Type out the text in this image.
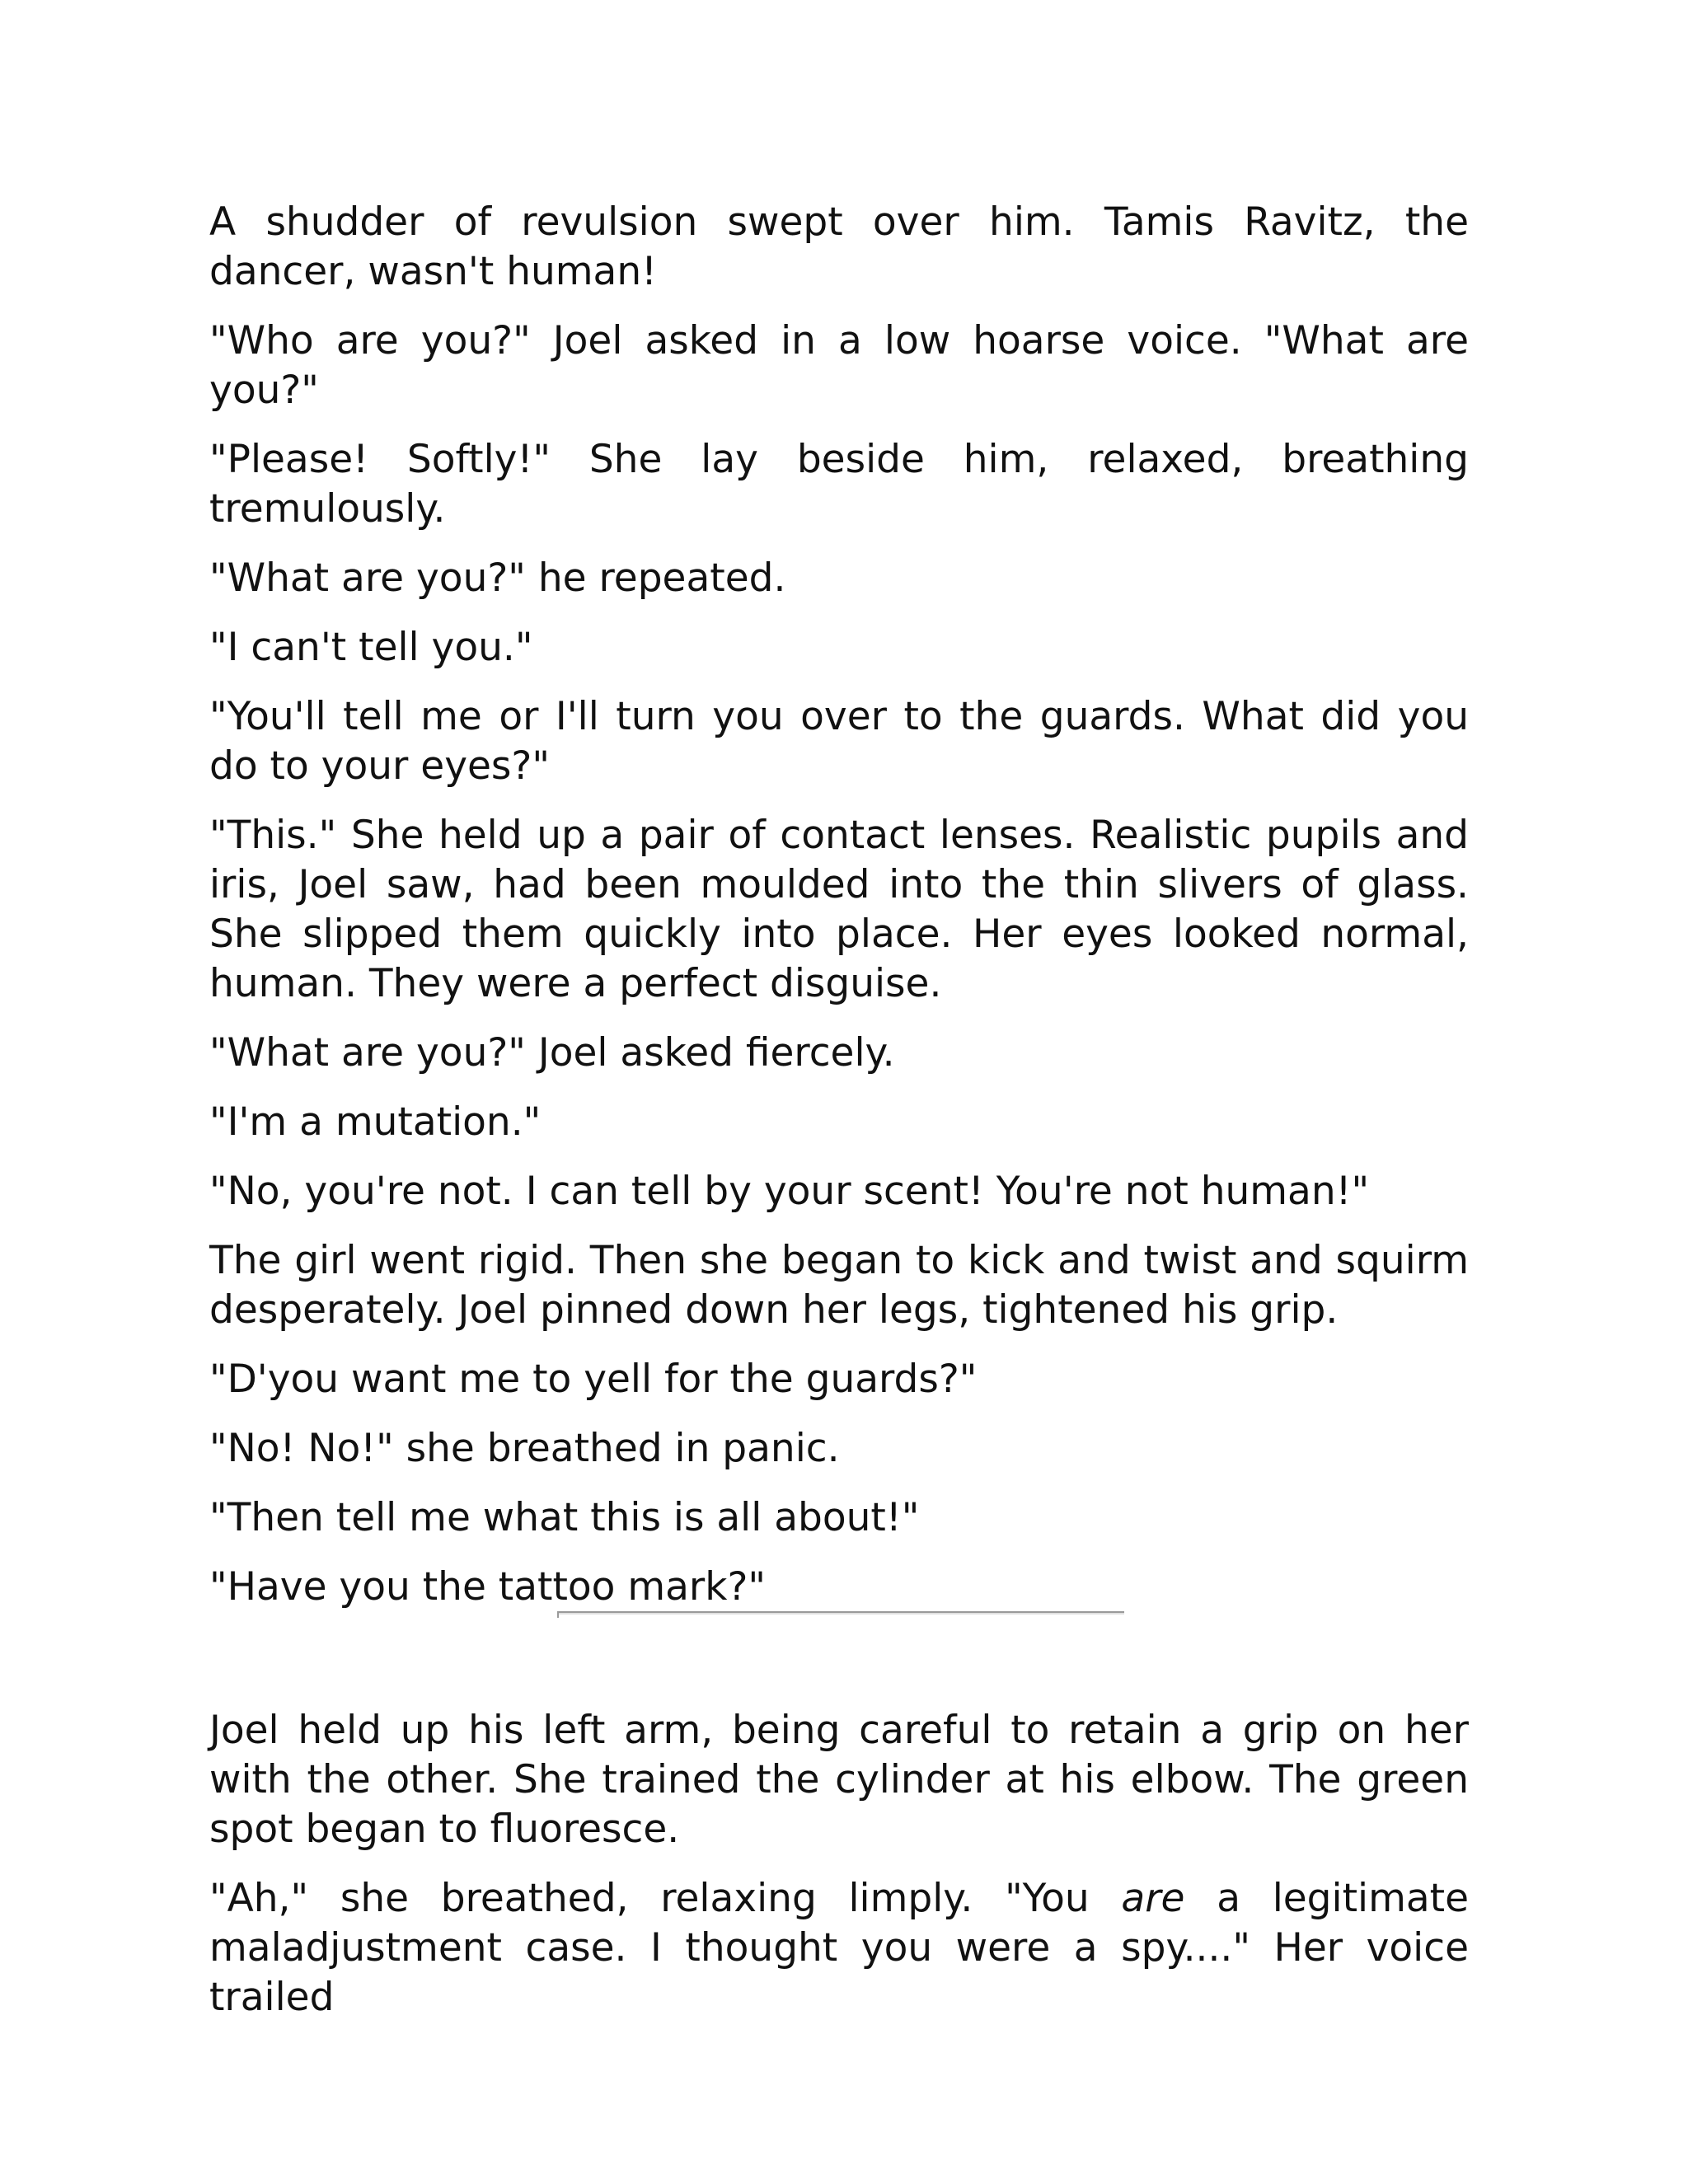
A shudder of revulsion swept over him. Tamis Ravitz, the dancer, wasn't human!

"Who are you?" Joel asked in a low hoarse voice. "What are you?"

"Please! Softly!" She lay beside him, relaxed, breathing tremulously.

"What are you?" he repeated.

"I can't tell you."

"You'll tell me or I'll turn you over to the guards. What did you do to your eyes?"

"This." She held up a pair of contact lenses. Realistic pupils and iris, Joel saw, had been moulded into the thin slivers of glass. She slipped them quickly into place. Her eyes looked normal, human. They were a perfect disguise.

"What are you?" Joel asked fiercely.

"I'm a mutation."

"No, you're not. I can tell by your scent! You're not human!"

The girl went rigid. Then she began to kick and twist and squirm desperately. Joel pinned down her legs, tightened his grip.

"D'you want me to yell for the guards?"

"No! No!" she breathed in panic.

"Then tell me what this is all about!"

"Have you the tattoo mark?"

Joel held up his left arm, being careful to retain a grip on her with the other. She trained the cylinder at his elbow. The green spot began to fluoresce.

"Ah," she breathed, relaxing limply. "You are a legitimate maladjustment case. I thought you were a spy...." Her voice trailed
